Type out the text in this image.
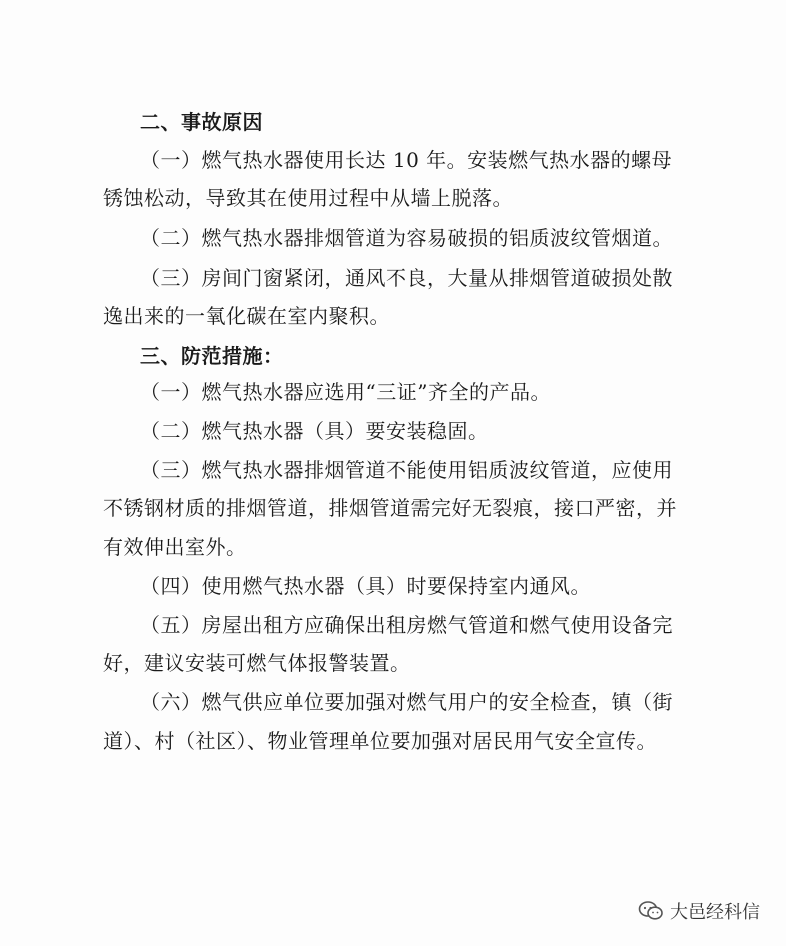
二、事故原因
（一）燃气热水器使用长达 10 年。安装燃气热水器的螺母
锈蚀松动，导致其在使用过程中从墙上脱落。
（二）燃气热水器排烟管道为容易破损的铝质波纹管烟道。
（三）房间门窗紧闭，通风不良，大量从排烟管道破损处散
逸出来的一氧化碳在室内聚积。
三、防范措施：
（一）燃气热水器应选用“三证”齐全的产品。
（二）燃气热水器（具）要安装稳固。
（三）燃气热水器排烟管道不能使用铝质波纹管道，应使用
不锈钢材质的排烟管道，排烟管道需完好无裂痕，接口严密，并
有效伸出室外。
（四）使用燃气热水器（具）时要保持室内通风。
（五）房屋出租方应确保出租房燃气管道和燃气使用设备完
好，建议安装可燃气体报警装置。
（六）燃气供应单位要加强对燃气用户的安全检查，镇（街
道）、村（社区）、物业管理单位要加强对居民用气安全宣传。
大邑经科信
